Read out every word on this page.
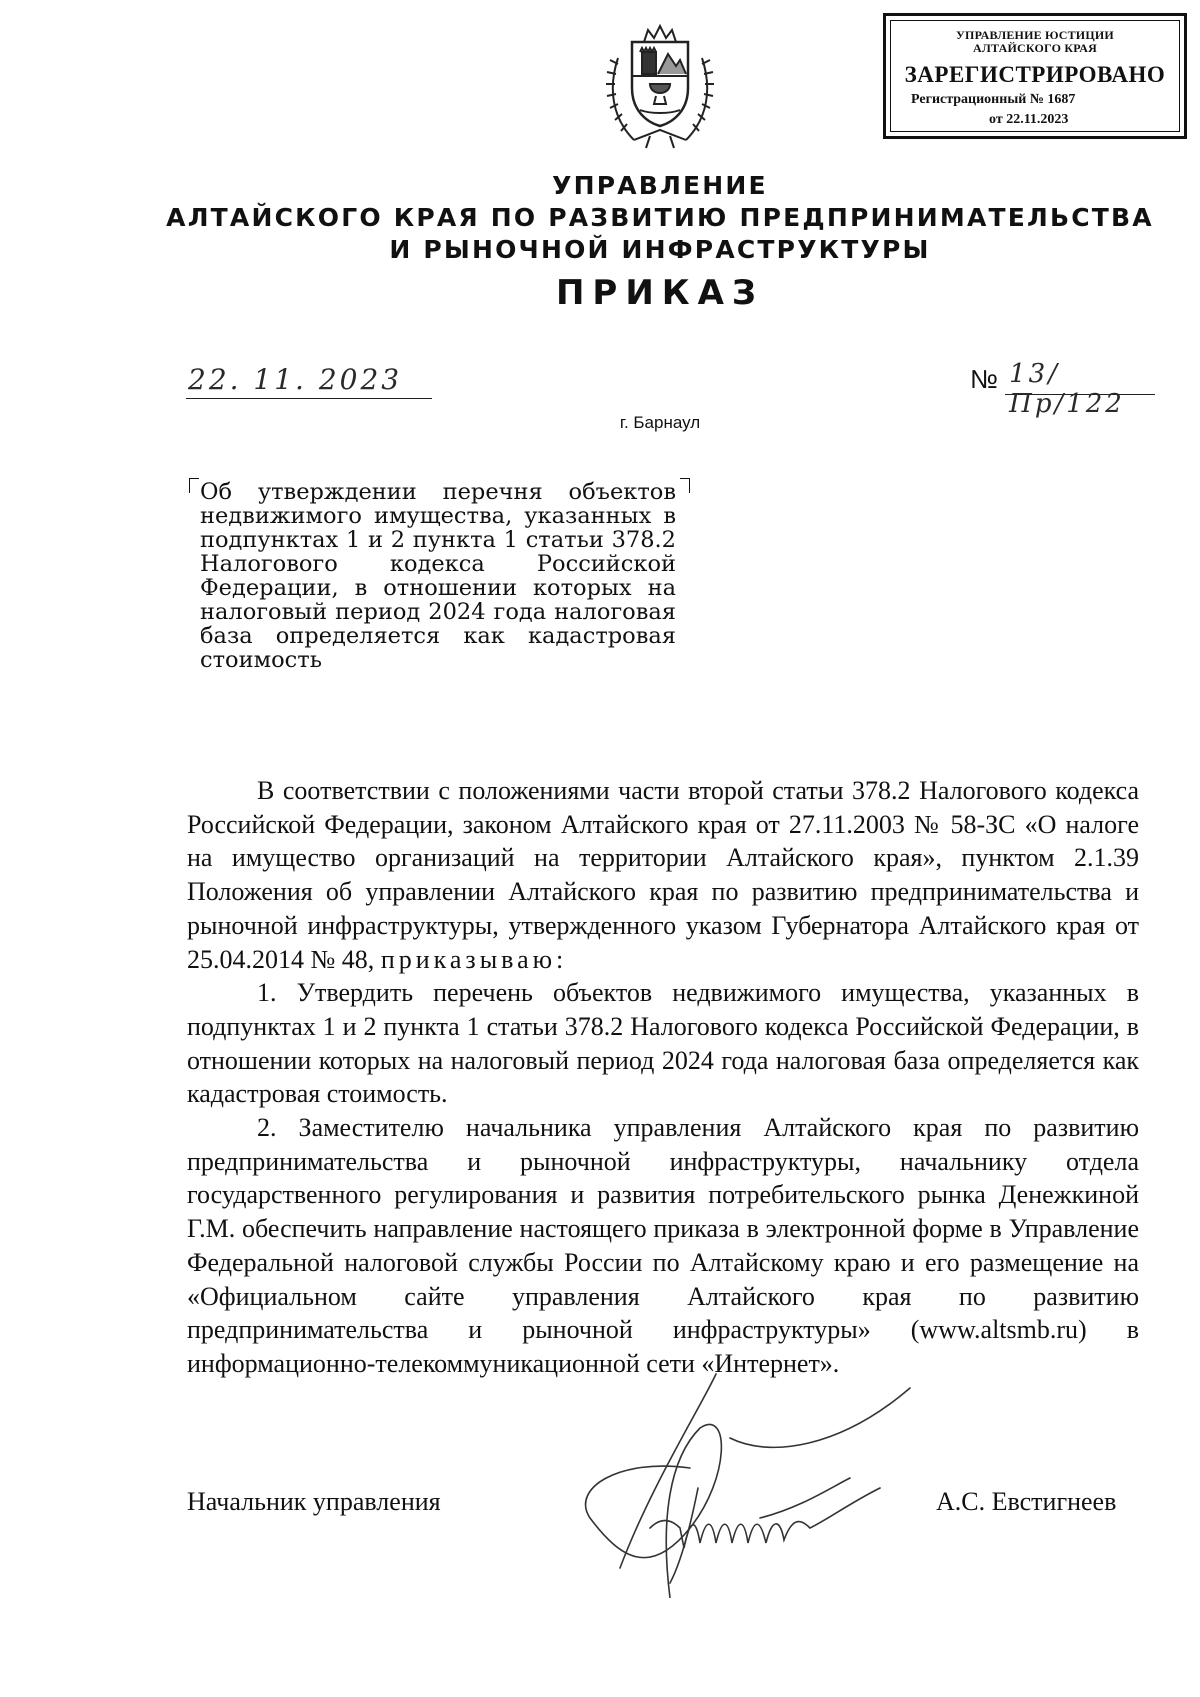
УПРАВЛЕНИЕ ЮСТИЦИИ
АЛТАЙСКОГО КРАЯ
ЗАРЕГИСТРИРОВАНО
Регистрационный № 1687
от 22.11.2023
УПРАВЛЕНИЕ
АЛТАЙСКОГО КРАЯ ПО РАЗВИТИЮ ПРЕДПРИНИМАТЕЛЬСТВА
И РЫНОЧНОЙ ИНФРАСТРУКТУРЫ
ПРИКАЗ
22. 11. 2023	№ 13/Пр/122
г. Барнаул
Об утверждении перечня объектов недвижимого имущества, указанных в подпунктах 1 и 2 пункта 1 статьи 378.2 Налогового кодекса Российской Федерации, в отношении которых на налоговый период 2024 года налоговая база определяется как кадастровая стоимость

В соответствии с положениями части второй статьи 378.2 Налогового кодекса Российской Федерации, законом Алтайского края от 27.11.2003 № 58-ЗС «О налоге на имущество организаций на территории Алтайского края», пунктом 2.1.39 Положения об управлении Алтайского края по развитию предпринимательства и рыночной инфраструктуры, утвержденного указом Губернатора Алтайского края от 25.04.2014 № 48, приказываю:

1. Утвердить перечень объектов недвижимого имущества, указанных в подпунктах 1 и 2 пункта 1 статьи 378.2 Налогового кодекса Российской Федерации, в отношении которых на налоговый период 2024 года налоговая база определяется как кадастровая стоимость.

2. Заместителю начальника управления Алтайского края по развитию предпринимательства и рыночной инфраструктуры, начальнику отдела государственного регулирования и развития потребительского рынка Денежкиной Г.М. обеспечить направление настоящего приказа в электронной форме в Управление Федеральной налоговой службы России по Алтайскому краю и его размещение на «Официальном сайте управления Алтайского края по развитию предпринимательства и рыночной инфраструктуры» (www.altsmb.ru) в информационно-телекоммуникационной сети «Интернет».

Начальник управления	А.С. Евстигнеев
